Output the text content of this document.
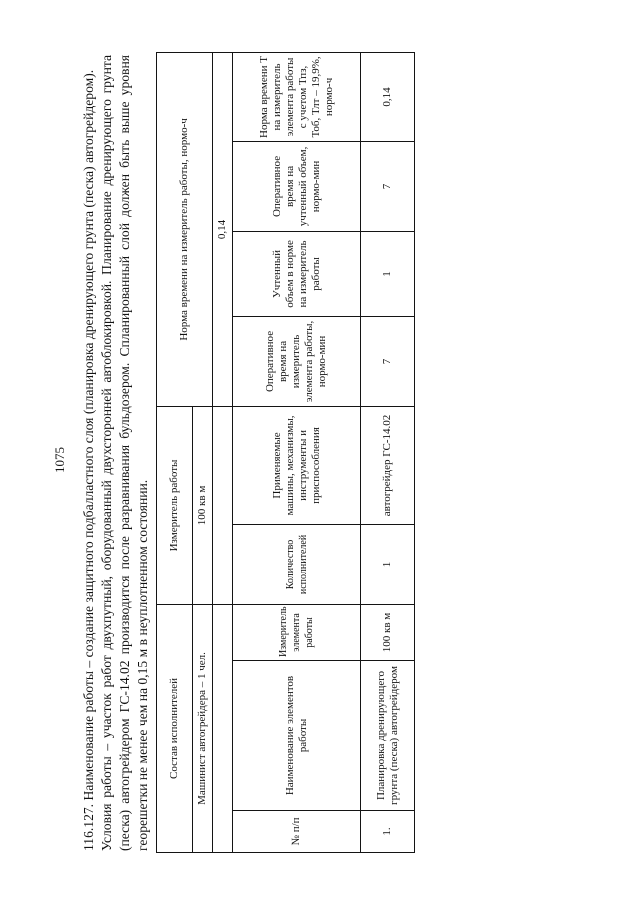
1075 116.127. Наименование работы – создание защитного подбалластного слоя (планировка дренирующего грунта (песка) автогрейдером). Условия работы – участок работ двухпутный, оборудованный двухсторонней автоблокировкой. Планирование дренирующего грунта (песка) автогрейдером ГС-14.02 производится после разравнивания бульдозером. Спланированный слой должен быть выше уровня георешетки не менее чем на 0,15 м в неуплотненном состоянии. Состав исполнителей			Измеритель работы		Норма времени на измеритель работы, нормо-ч			
Машинист автогрейдера – 1 чел.			100 кв м					
					0,14			
№ п/п	Наименование элементов работы	Измеритель элемента работы	Количество исполнителей	Применяемые машины, механизмы, инструменты и приспособления	Оперативное время на измеритель элемента работы, нормо-мин	Учтенный объем в норме на измеритель работы	Оперативное время на учтенный объем, нормо-мин	Норма времени Т на измеритель элемента работы с учетом Тпз, Тоб, Тлт – 19,9%, нормо-ч

1.	Планировка дренирующего грунта (песка) автогрейдером	100 кв м	1	автогрейдер ГС-14.02	7	1	7	0,14
